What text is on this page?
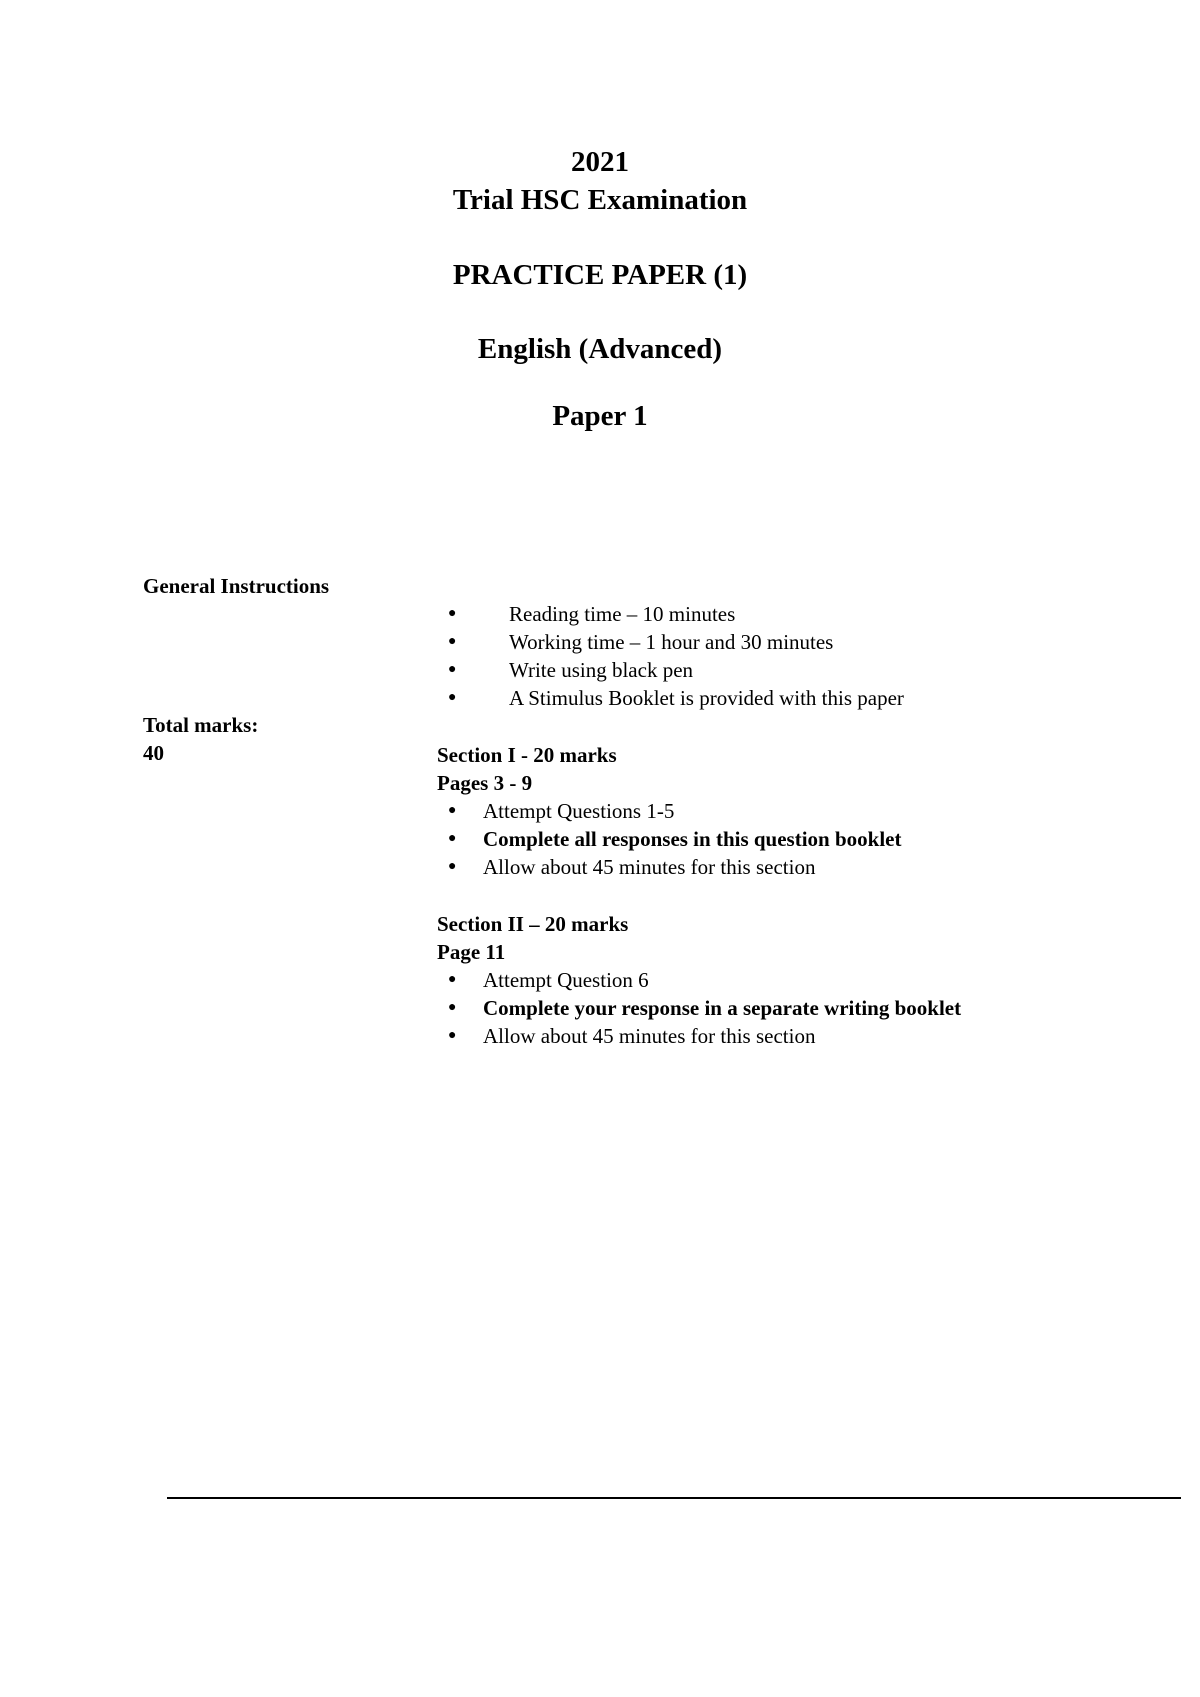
2021
Trial HSC Examination
PRACTICE PAPER (1)
English (Advanced)
Paper 1
General Instructions
Total marks:
40
●	Reading time – 10 minutes
●	Working time – 1 hour and 30 minutes
●	Write using black pen
●	A Stimulus Booklet is provided with this paper
Section I - 20 marks
Pages 3 - 9
● Attempt Questions 1-5
● Complete all responses in this question booklet
● Allow about 45 minutes for this section
Section II – 20 marks
Page 11
● Attempt Question 6
● Complete your response in a separate writing booklet
● Allow about 45 minutes for this section
